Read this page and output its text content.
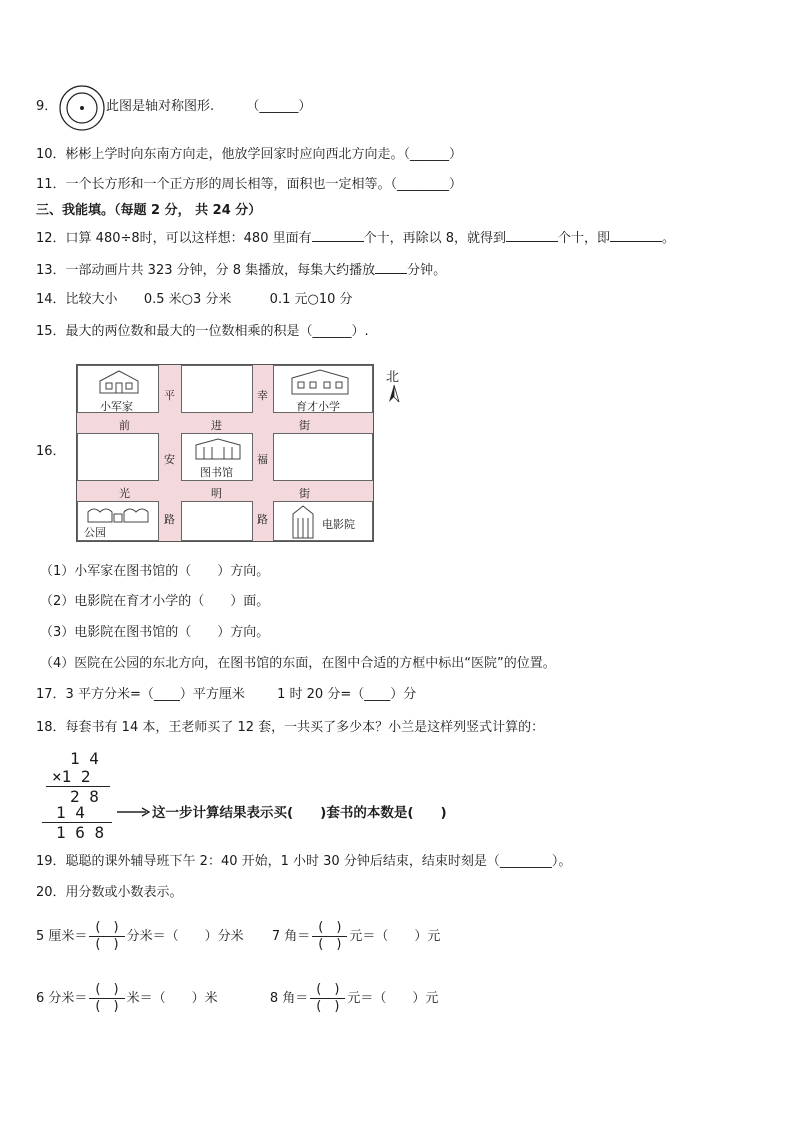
9．	此图是轴对称图形. （______）
10．彬彬上学时向东南方向走，他放学回家时应向西北方向走。（______）
11．一个长方形和一个正方形的周长相等，面积也一定相等。（________）
三、我能填。（每题 2 分， 共 24 分）
12．口算 480÷8时，可以这样想：480 里面有	个十，再除以 8，就得到	个十，即	。
13．一部动画片共 323 分钟，分 8 集播放，每集大约播放 分钟。
14．比较大小 0.5 米○3 分米	0.1 元○10 分
15．最大的两位数和最大的一位数相乘的积是（______）.
16．
小军家	育才小学
图书馆
公园
电影院
平	幸
前	进	街
安	福
光	明	街
路	路
北
（1）小军家在图书馆的（　　）方向。
（2）电影院在育才小学的（　　）面。
（3）电影院在图书馆的（　　）方向。
（4）医院在公园的东北方向，在图书馆的东面，在图中合适的方框中标出“医院”的位置。
17．3 平方分米=（____）平方厘米 1 时 20 分=（____）分
18．每套书有 14 本，王老师买了 12 套，一共买了多少本？小兰是这样列竖式计算的：
1 4
×1 2
2 8
1 4
1 6 8
这一步计算结果表示买(　　)套书的本数是(　　)
19．聪聪的课外辅导班下午 2：40 开始，1 小时 30 分钟后结束，结束时刻是（________）。
20．用分数或小数表示。
5 厘米＝ $\frac{( )}{( )}$ 分米＝（　　）分米 7 角＝ $\frac{( )}{( )}$ 元＝（　　）元
6 分米＝ $\frac{( )}{( )}$ 米＝（　　）米	8 角＝ $\frac{( )}{( )}$ 元＝（　　）元
